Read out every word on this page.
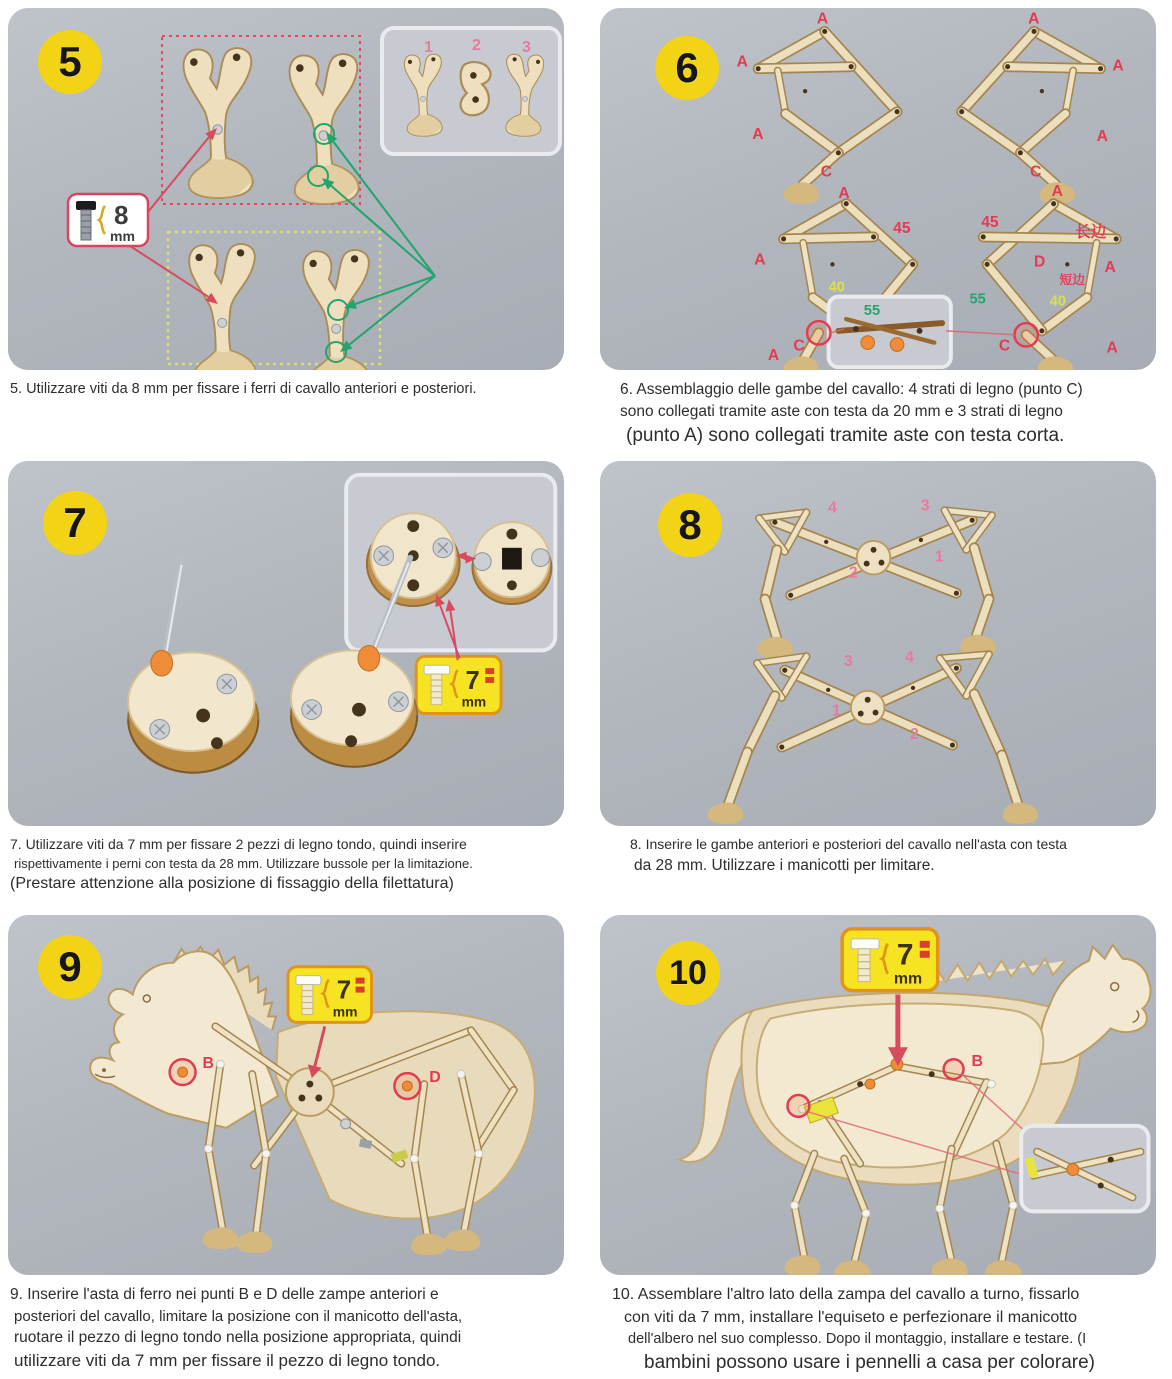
1 2	3
8
mm
5
5. Utilizzare viti da 8 mm per fissare i ferri di cavallo anteriori e posteriori.
A
A
A
C
A
A
A
C
A
A
45
40
55
C
A
A
45
长边
D
短边
A
55	40
C	A
6
6. Assemblaggio delle gambe del cavallo: 4 strati di legno (punto C)
sono collegati tramite aste con testa da 20 mm e 3 strati di legno
(punto A) sono collegati tramite aste con testa corta.
7
mm
7
7. Utilizzare viti da 7 mm per fissare 2 pezzi di legno tondo, quindi inserire
rispettivamente i perni con testa da 28 mm. Utilizzare bussole per la limitazione.
(Prestare attenzione alla posizione di fissaggio della filettatura)
4	3
1
2
3	4
1
2
8
8. Inserire le gambe anteriori e posteriori del cavallo nell'asta con testa
da 28 mm. Utilizzare i manicotti per limitare.
B
D
7
mm
9
9. Inserire l'asta di ferro nei punti B e D delle zampe anteriori e
posteriori del cavallo, limitare la posizione con il manicotto dell'asta,
ruotare il pezzo di legno tondo nella posizione appropriata, quindi
utilizzare viti da 7 mm per fissare il pezzo di legno tondo.
B
7
mm
10
10. Assemblare l'altro lato della zampa del cavallo a turno, fissarlo
con viti da 7 mm, installare l'equiseto e perfezionare il manicotto
dell'albero nel suo complesso. Dopo il montaggio, installare e testare. (I
bambini possono usare i pennelli a casa per colorare)
